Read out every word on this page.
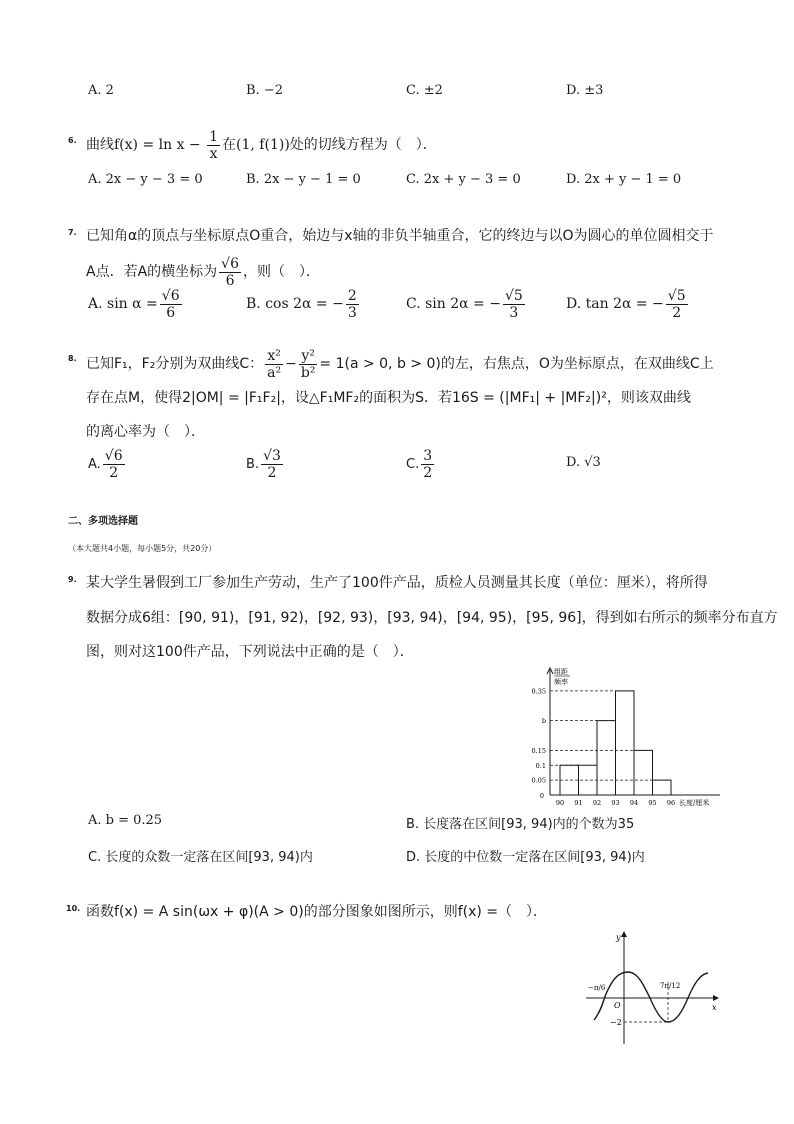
A. 2	B. −2	C. ±2	D. ±3
6. 曲线$f(x) = \ln x - \frac{1}{x}$ 在(1, f(1))处的切线方程为（　）．
A. 2x − y − 3 = 0	B. 2x − y − 1 = 0	C. 2x + y − 3 = 0	D. 2x + y − 1 = 0
7. 已知角α的顶点与坐标原点O重合，始边与x轴的非负半轴重合，它的终边与以O为圆心的单位圆相交于
A点．若A的横坐标为 $\frac{√6}{6}$ ，则（　）．
A. $\sin \alpha = \frac{√6}{6}$	B. cos 2α = − $\frac{2}{3}$	C. sin 2α = − $\frac{√5}{3}$	D. tan 2α = − $\frac{√5}{2}$
8. 已知F₁，F₂分别为双曲线C： $\frac{\text{x²}}{\text{a²}} - \frac{\text{y²}}{\text{b²}} = 1(a > 0$, b > 0)的左，右焦点，O为坐标原点，在双曲线C上
存在点M，使得2|OM| = |F₁F₂|，设△F₁MF₂的面积为S．若16S = (|MF₁| + |MF₂|)²，则该双曲线
的离心率为（　）．
A. $\frac{√6}{2}$	B. $\frac{√3}{2}$	C. $\frac{3}{2}$	D. √3
二、多项选择题
（本大题共4小题，每小题5分，共20分）
9. 某大学生暑假到工厂参加生产劳动，生产了100件产品，质检人员测量其长度（单位：厘米），将所得
数据分成6组：[90, 91)，[91, 92)，[92, 93)，[93, 94)，[94, 95)，[95, 96]，得到如右所示的频率分布直方
图，则对这100件产品，下列说法中正确的是（　）．
组距
频率
0.35
b
0.15
0.1
0.05
0
90 91 92 93 94 95 96 长度/厘米
A. b = 0.25	B. 长度落在区间[93, 94)内的个数为35
C. 长度的众数一定落在区间[93, 94)内	D. 长度的中位数一定落在区间[93, 94)内
10. 函数f(x) = A sin(ωx + φ)(A > 0)的部分图象如图所示，则f(x) =（　）．
y
x
O
−π/6	7π/12
−2
